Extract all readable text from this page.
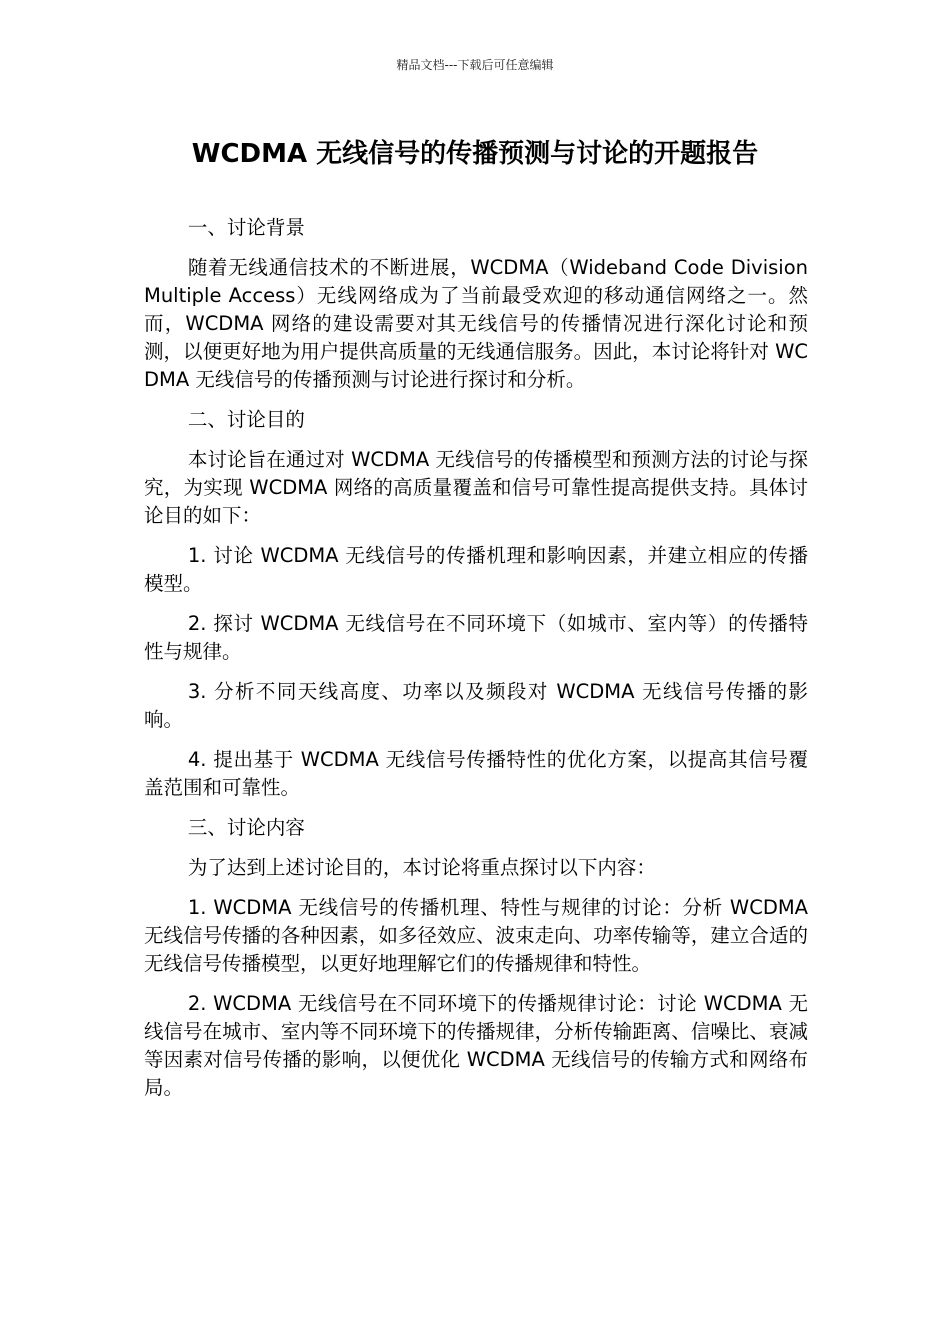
精品文档---下载后可任意编辑
WCDMA 无线信号的传播预测与讨论的开题报告

一、讨论背景

随着无线通信技术的不断进展，WCDMA（Wideband Code Division Multiple Access）无线网络成为了当前最受欢迎的移动通信网络之一。然而，WCDMA 网络的建设需要对其无线信号的传播情况进行深化讨论和预测，以便更好地为用户提供高质量的无线通信服务。因此，本讨论将针对 WCDMA 无线信号的传播预测与讨论进行探讨和分析。

二、讨论目的

本讨论旨在通过对 WCDMA 无线信号的传播模型和预测方法的讨论与探究，为实现 WCDMA 网络的高质量覆盖和信号可靠性提高提供支持。具体讨论目的如下：

1. 讨论 WCDMA 无线信号的传播机理和影响因素，并建立相应的传播模型。

2. 探讨 WCDMA 无线信号在不同环境下（如城市、室内等）的传播特性与规律。

3. 分析不同天线高度、功率以及频段对 WCDMA 无线信号传播的影响。

4. 提出基于 WCDMA 无线信号传播特性的优化方案，以提高其信号覆盖范围和可靠性。

三、讨论内容

为了达到上述讨论目的，本讨论将重点探讨以下内容：

1. WCDMA 无线信号的传播机理、特性与规律的讨论：分析 WCDMA 无线信号传播的各种因素，如多径效应、波束走向、功率传输等，建立合适的无线信号传播模型，以更好地理解它们的传播规律和特性。

2. WCDMA 无线信号在不同环境下的传播规律讨论：讨论 WCDMA 无线信号在城市、室内等不同环境下的传播规律，分析传输距离、信噪比、衰减等因素对信号传播的影响，以便优化 WCDMA 无线信号的传输方式和网络布局。
